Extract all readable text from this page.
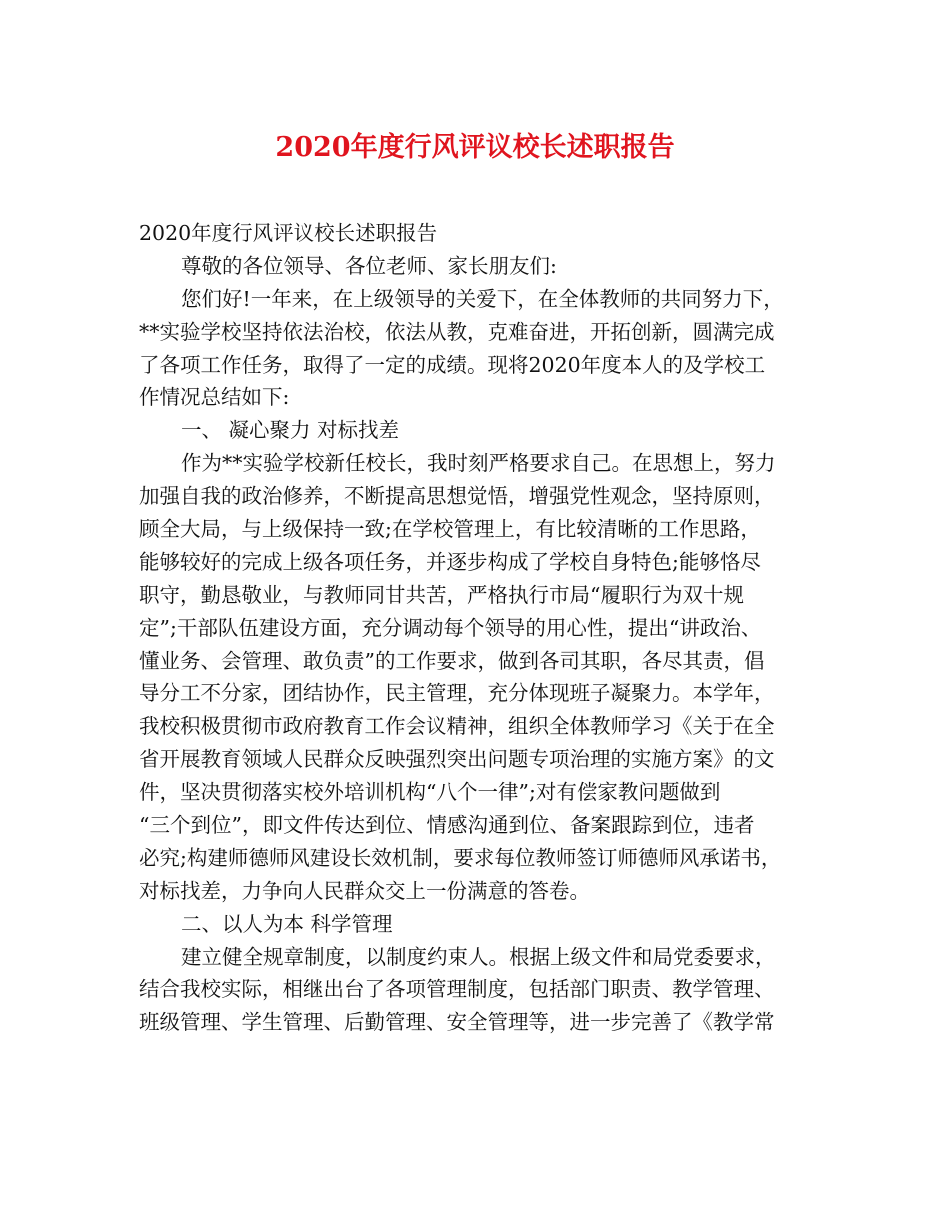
2020年度行风评议校长述职报告
2020年度行风评议校长述职报告
尊敬的各位领导、各位老师、家长朋友们:
您们好!一年来，在上级领导的关爱下，在全体教师的共同努力下，
**实验学校坚持依法治校，依法从教，克难奋进，开拓创新，圆满完成
了各项工作任务，取得了一定的成绩。现将2020年度本人的及学校工
作情况总结如下:
一、 凝心聚力 对标找差
作为**实验学校新任校长，我时刻严格要求自己。在思想上，努力
加强自我的政治修养，不断提高思想觉悟，增强党性观念，坚持原则，
顾全大局，与上级保持一致;在学校管理上，有比较清晰的工作思路，
能够较好的完成上级各项任务，并逐步构成了学校自身特色;能够恪尽
职守，勤恳敬业，与教师同甘共苦，严格执行市局“履职行为双十规
定”;干部队伍建设方面，充分调动每个领导的用心性，提出“讲政治、
懂业务、会管理、敢负责”的工作要求，做到各司其职，各尽其责，倡
导分工不分家，团结协作，民主管理，充分体现班子凝聚力。本学年，
我校积极贯彻市政府教育工作会议精神，组织全体教师学习《关于在全
省开展教育领域人民群众反映强烈突出问题专项治理的实施方案》的文
件，坚决贯彻落实校外培训机构“八个一律”;对有偿家教问题做到
“三个到位”，即文件传达到位、情感沟通到位、备案跟踪到位，违者
必究;构建师德师风建设长效机制，要求每位教师签订师德师风承诺书，
对标找差，力争向人民群众交上一份满意的答卷。
二、以人为本 科学管理
建立健全规章制度，以制度约束人。根据上级文件和局党委要求，
结合我校实际，相继出台了各项管理制度，包括部门职责、教学管理、
班级管理、学生管理、后勤管理、安全管理等，进一步完善了《教学常
